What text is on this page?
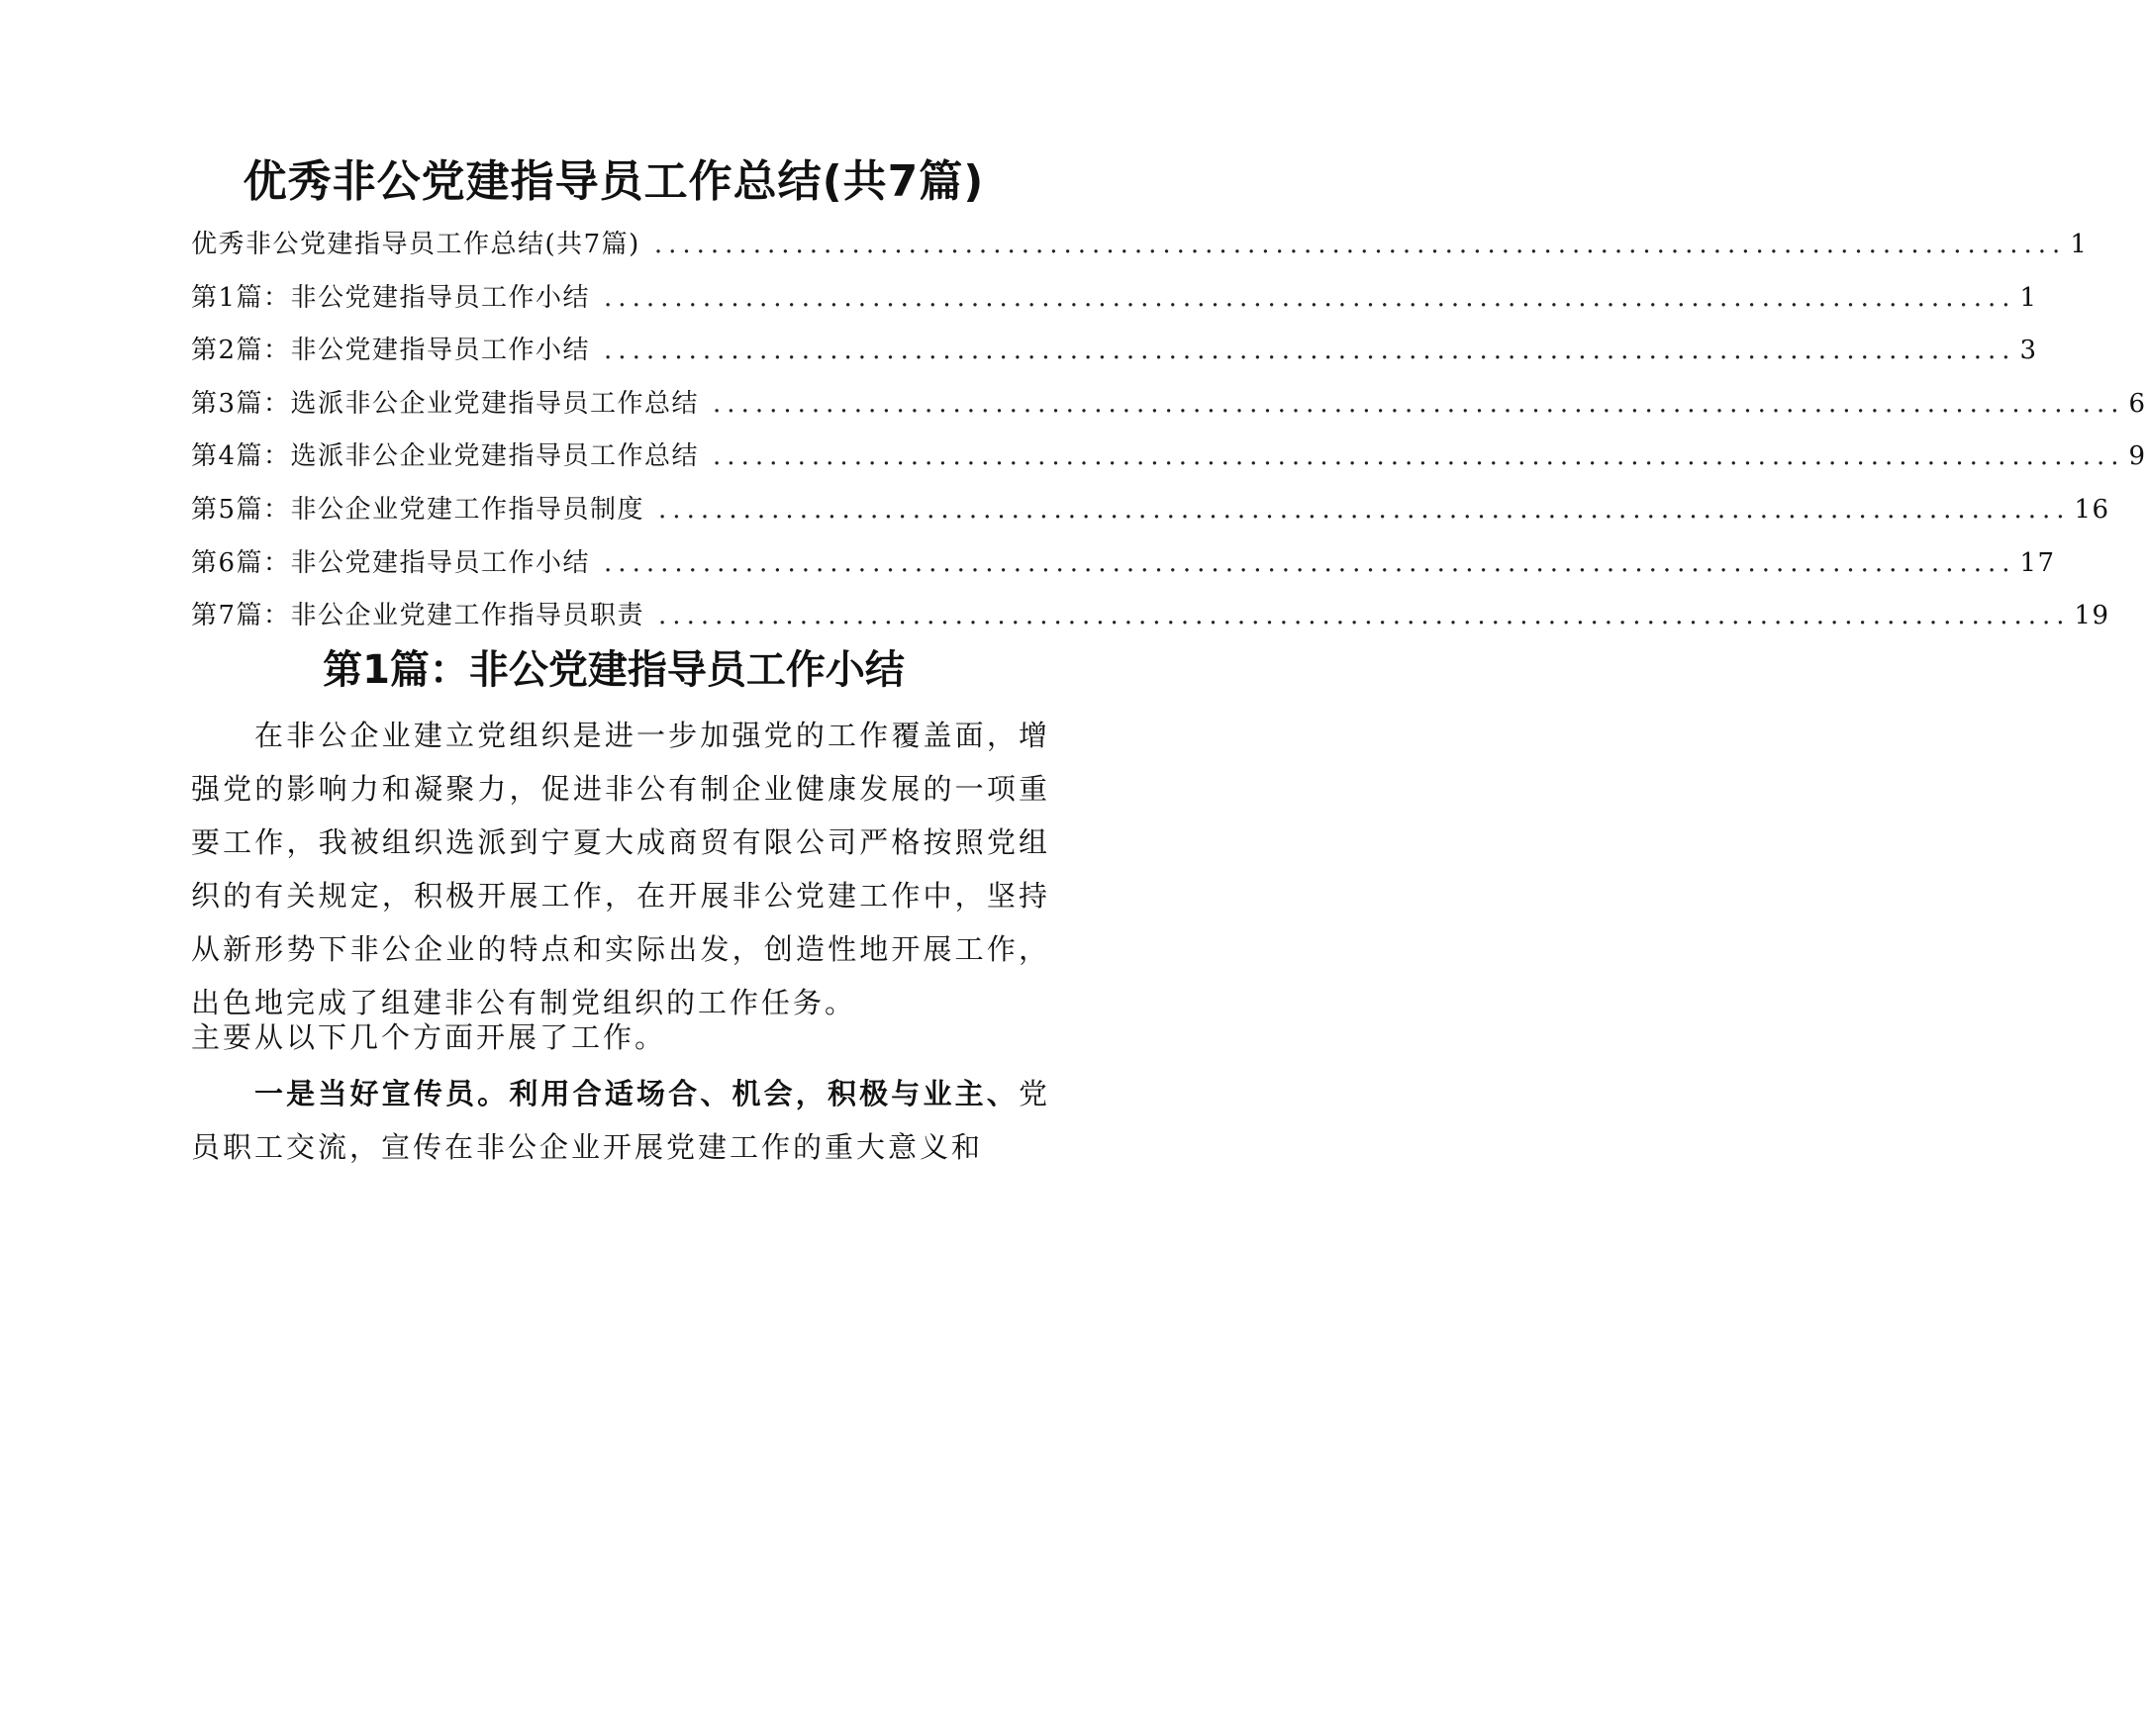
优秀非公党建指导员工作总结(共7篇)
优秀非公党建指导员工作总结(共7篇) .................................................................................................... 1
第1篇：非公党建指导员工作小结 .................................................................................................... 1
第2篇：非公党建指导员工作小结 .................................................................................................... 3
第3篇：选派非公企业党建指导员工作总结 .................................................................................................... 6
第4篇：选派非公企业党建指导员工作总结 .................................................................................................... 9
第5篇：非公企业党建工作指导员制度 .................................................................................................... 16
第6篇：非公党建指导员工作小结 .................................................................................................... 17
第7篇：非公企业党建工作指导员职责 .................................................................................................... 19
第1篇：非公党建指导员工作小结

在非公企业建立党组织是进一步加强党的工作覆盖面，增强党的影响力和凝聚力，促进非公有制企业健康发展的一项重要工作，我被组织选派到宁夏大成商贸有限公司严格按照党组织的有关规定，积极开展工作，在开展非公党建工作中，坚持从新形势下非公企业的特点和实际出发，创造性地开展工作，出色地完成了组建非公有制党组织的工作任务。

主要从以下几个方面开展了工作。

一是当好宣传员。利用合适场合、机会，积极与业主、党员职工交流，宣传在非公企业开展党建工作的重大意义和
